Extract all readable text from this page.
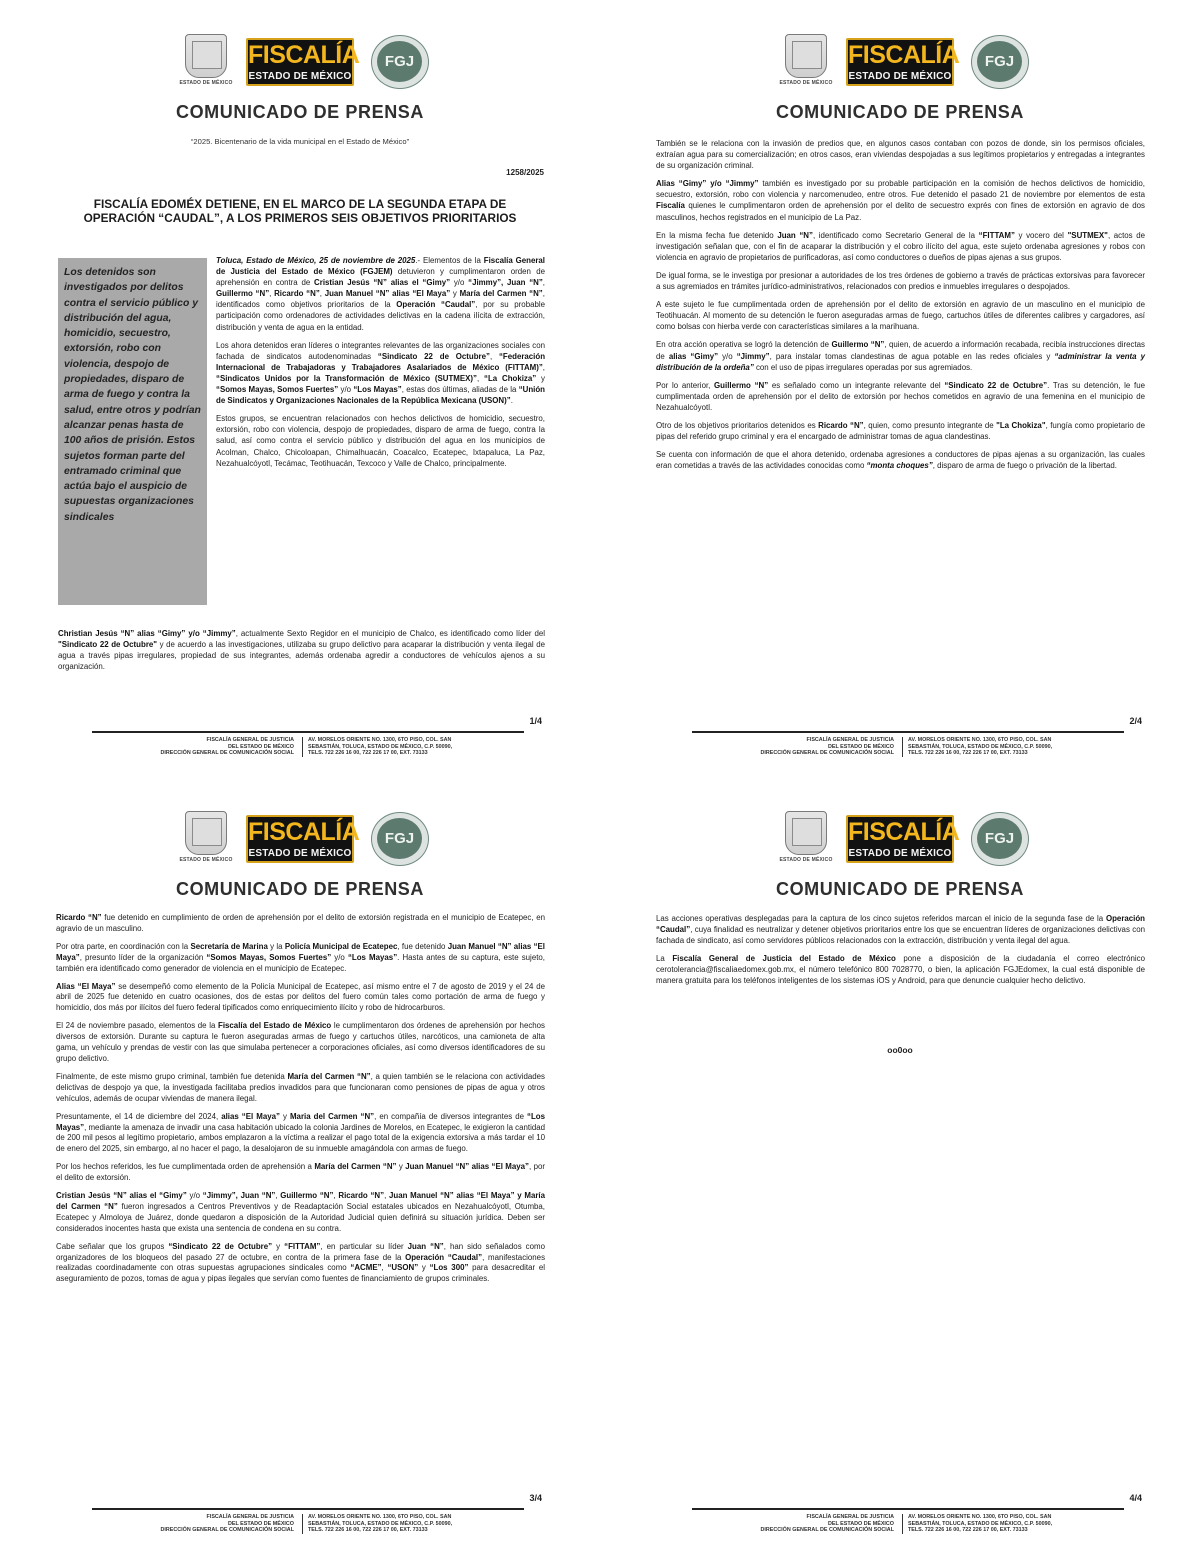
ESTADO DE MÉXICO
FISCALÍA
ESTADO DE MÉXICO
FGJ
COMUNICADO DE PRENSA
“2025. Bicentenario de la vida municipal en el Estado de México”
1258/2025
FISCALÍA EDOMÉX DETIENE, EN EL MARCO DE LA SEGUNDA ETAPA DE OPERACIÓN “CAUDAL”, A LOS PRIMEROS SEIS OBJETIVOS PRIORITARIOS
Los detenidos son investigados por delitos contra el servicio público y distribución del agua, homicidio, secuestro, extorsión, robo con violencia, despojo de propiedades, disparo de arma de fuego y contra la salud, entre otros y podrían alcanzar penas hasta de 100 años de prisión. Estos sujetos forman parte del entramado criminal que actúa bajo el auspicio de supuestas organizaciones sindicales

Toluca, Estado de México, 25 de noviembre de 2025.- Elementos de la Fiscalía General de Justicia del Estado de México (FGJEM) detuvieron y cumplimentaron orden de aprehensión en contra de Cristian Jesús “N” alias el “Gimy” y/o “Jimmy”, Juan “N”, Guillermo “N”, Ricardo “N”, Juan Manuel “N” alias “El Maya” y María del Carmen “N”, identificados como objetivos prioritarios de la Operación “Caudal”, por su probable participación como ordenadores de actividades delictivas en la cadena ilícita de extracción, distribución y venta de agua en la entidad.

Los ahora detenidos eran líderes o integrantes relevantes de las organizaciones sociales con fachada de sindicatos autodenominadas “Sindicato 22 de Octubre”, “Federación Internacional de Trabajadoras y Trabajadores Asalariados de México (FITTAM)”, “Sindicatos Unidos por la Transformación de México (SUTMEX)”, “La Chokiza” y “Somos Mayas, Somos Fuertes” y/o “Los Mayas”, estas dos últimas, aliadas de la “Unión de Sindicatos y Organizaciones Nacionales de la República Mexicana (USON)”.

Estos grupos, se encuentran relacionados con hechos delictivos de homicidio, secuestro, extorsión, robo con violencia, despojo de propiedades, disparo de arma de fuego, contra la salud, así como contra el servicio público y distribución del agua en los municipios de Acolman, Chalco, Chicoloapan, Chimalhuacán, Coacalco, Ecatepec, Ixtapaluca, La Paz, Nezahualcóyotl, Tecámac, Teotihuacán, Texcoco y Valle de Chalco, principalmente.

Christian Jesús “N” alias “Gimy” y/o “Jimmy”, actualmente Sexto Regidor en el municipio de Chalco, es identificado como líder del "Sindicato 22 de Octubre" y de acuerdo a las investigaciones, utilizaba su grupo delictivo para acaparar la distribución y venta ilegal de agua a través pipas irregulares, propiedad de sus integrantes, además ordenaba agredir a conductores de vehículos ajenos a su organización.

1/4
FISCALÍA GENERAL DE JUSTICIA
DEL ESTADO DE MÉXICO
DIRECCIÓN GENERAL DE COMUNICACIÓN SOCIAL
AV. MORELOS ORIENTE NO. 1300, 6TO PISO, COL. SAN
SEBASTIÁN, TOLUCA, ESTADO DE MÉXICO, C.P. 50090,
TELS. 722 226 16 00, 722 226 17 00, EXT. 73133
ESTADO DE MÉXICO
FISCALÍA
ESTADO DE MÉXICO
FGJ
COMUNICADO DE PRENSA

También se le relaciona con la invasión de predios que, en algunos casos contaban con pozos de donde, sin los permisos oficiales, extraían agua para su comercialización; en otros casos, eran viviendas despojadas a sus legítimos propietarios y entregadas a integrantes de su organización criminal.

Alias “Gimy” y/o “Jimmy” también es investigado por su probable participación en la comisión de hechos delictivos de homicidio, secuestro, extorsión, robo con violencia y narcomenudeo, entre otros. Fue detenido el pasado 21 de noviembre por elementos de esta Fiscalía quienes le cumplimentaron orden de aprehensión por el delito de secuestro exprés con fines de extorsión en agravio de dos masculinos, hechos registrados en el municipio de La Paz.

En la misma fecha fue detenido Juan “N”, identificado como Secretario General de la “FITTAM” y vocero del "SUTMEX", actos de investigación señalan que, con el fin de acaparar la distribución y el cobro ilícito del agua, este sujeto ordenaba agresiones y robos con violencia en agravio de propietarios de purificadoras, así como conductores o dueños de pipas ajenas a sus grupos.

De igual forma, se le investiga por presionar a autoridades de los tres órdenes de gobierno a través de prácticas extorsivas para favorecer a sus agremiados en trámites jurídico-administrativos, relacionados con predios e inmuebles irregulares o despojados.

A este sujeto le fue cumplimentada orden de aprehensión por el delito de extorsión en agravio de un masculino en el municipio de Teotihuacán. Al momento de su detención le fueron aseguradas armas de fuego, cartuchos útiles de diferentes calibres y cargadores, así como bolsas con hierba verde con características similares a la marihuana.

En otra acción operativa se logró la detención de Guillermo “N”, quien, de acuerdo a información recabada, recibía instrucciones directas de alias “Gimy” y/o “Jimmy”, para instalar tomas clandestinas de agua potable en las redes oficiales y “administrar la venta y distribución de la ordeña” con el uso de pipas irregulares operadas por sus agremiados.

Por lo anterior, Guillermo “N” es señalado como un integrante relevante del “Sindicato 22 de Octubre”. Tras su detención, le fue cumplimentada orden de aprehensión por el delito de extorsión por hechos cometidos en agravio de una femenina en el municipio de Nezahualcóyotl.

Otro de los objetivos prioritarios detenidos es Ricardo “N”, quien, como presunto integrante de "La Chokiza", fungía como propietario de pipas del referido grupo criminal y era el encargado de administrar tomas de agua clandestinas.

Se cuenta con información de que el ahora detenido, ordenaba agresiones a conductores de pipas ajenas a su organización, las cuales eran cometidas a través de las actividades conocidas como “monta choques”, disparo de arma de fuego o privación de la libertad.

2/4
FISCALÍA GENERAL DE JUSTICIA
DEL ESTADO DE MÉXICO
DIRECCIÓN GENERAL DE COMUNICACIÓN SOCIAL
AV. MORELOS ORIENTE NO. 1300, 6TO PISO, COL. SAN
SEBASTIÁN, TOLUCA, ESTADO DE MÉXICO, C.P. 50090,
TELS. 722 226 16 00, 722 226 17 00, EXT. 73133
ESTADO DE MÉXICO
FISCALÍA
ESTADO DE MÉXICO
FGJ
COMUNICADO DE PRENSA

Ricardo “N” fue detenido en cumplimiento de orden de aprehensión por el delito de extorsión registrada en el municipio de Ecatepec, en agravio de un masculino.

Por otra parte, en coordinación con la Secretaría de Marina y la Policía Municipal de Ecatepec, fue detenido Juan Manuel “N” alias “El Maya”, presunto líder de la organización “Somos Mayas, Somos Fuertes” y/o “Los Mayas”. Hasta antes de su captura, este sujeto, también era identificado como generador de violencia en el municipio de Ecatepec.

Alias “El Maya” se desempeñó como elemento de la Policía Municipal de Ecatepec, así mismo entre el 7 de agosto de 2019 y el 24 de abril de 2025 fue detenido en cuatro ocasiones, dos de estas por delitos del fuero común tales como portación de arma de fuego y homicidio, dos más por ilícitos del fuero federal tipificados como enriquecimiento ilícito y robo de hidrocarburos.

El 24 de noviembre pasado, elementos de la Fiscalía del Estado de México le cumplimentaron dos órdenes de aprehensión por hechos diversos de extorsión. Durante su captura le fueron aseguradas armas de fuego y cartuchos útiles, narcóticos, una camioneta de alta gama, un vehículo y prendas de vestir con las que simulaba pertenecer a corporaciones oficiales, así como diversos identificadores de su grupo delictivo.

Finalmente, de este mismo grupo criminal, también fue detenida María del Carmen “N”, a quien también se le relaciona con actividades delictivas de despojo ya que, la investigada facilitaba predios invadidos para que funcionaran como pensiones de pipas de agua y otros vehículos, además de ocupar viviendas de manera ilegal.

Presuntamente, el 14 de diciembre del 2024, alias “El Maya” y Maria del Carmen “N”, en compañía de diversos integrantes de “Los Mayas”, mediante la amenaza de invadir una casa habitación ubicado la colonia Jardines de Morelos, en Ecatepec, le exigieron la cantidad de 200 mil pesos al legítimo propietario, ambos emplazaron a la víctima a realizar el pago total de la exigencia extorsiva a más tardar el 10 de enero del 2025, sin embargo, al no hacer el pago, la desalojaron de su inmueble amagándola con armas de fuego.

Por los hechos referidos, les fue cumplimentada orden de aprehensión a María del Carmen “N” y Juan Manuel “N” alias “El Maya”, por el delito de extorsión.

Cristian Jesús “N” alias el “Gimy” y/o “Jimmy”, Juan “N”, Guillermo “N”, Ricardo “N”, Juan Manuel “N” alias “El Maya” y María del Carmen “N” fueron ingresados a Centros Preventivos y de Readaptación Social estatales ubicados en Nezahualcóyotl, Otumba, Ecatepec y Almoloya de Juárez, donde quedaron a disposición de la Autoridad Judicial quien definirá su situación jurídica. Deben ser considerados inocentes hasta que exista una sentencia de condena en su contra.

Cabe señalar que los grupos “Sindicato 22 de Octubre” y “FITTAM”, en particular su líder Juan “N”, han sido señalados como organizadores de los bloqueos del pasado 27 de octubre, en contra de la primera fase de la Operación “Caudal”, manifestaciones realizadas coordinadamente con otras supuestas agrupaciones sindicales como “ACME”, “USON” y “Los 300” para desacreditar el aseguramiento de pozos, tomas de agua y pipas ilegales que servían como fuentes de financiamiento de grupos criminales.

3/4
FISCALÍA GENERAL DE JUSTICIA
DEL ESTADO DE MÉXICO
DIRECCIÓN GENERAL DE COMUNICACIÓN SOCIAL
AV. MORELOS ORIENTE NO. 1300, 6TO PISO, COL. SAN
SEBASTIÁN, TOLUCA, ESTADO DE MÉXICO, C.P. 50090,
TELS. 722 226 16 00, 722 226 17 00, EXT. 73133
ESTADO DE MÉXICO
FISCALÍA
ESTADO DE MÉXICO
FGJ
COMUNICADO DE PRENSA

Las acciones operativas desplegadas para la captura de los cinco sujetos referidos marcan el inicio de la segunda fase de la Operación “Caudal”, cuya finalidad es neutralizar y detener objetivos prioritarios entre los que se encuentran líderes de organizaciones delictivas con fachada de sindicato, así como servidores públicos relacionados con la extracción, distribución y venta ilegal del agua.

La Fiscalía General de Justicia del Estado de México pone a disposición de la ciudadanía el correo electrónico cerotolerancia@fiscaliaedomex.gob.mx, el número telefónico 800 7028770, o bien, la aplicación FGJEdomex, la cual está disponible de manera gratuita para los teléfonos inteligentes de los sistemas iOS y Android, para que denuncie cualquier hecho delictivo.

4/4
FISCALÍA GENERAL DE JUSTICIA
DEL ESTADO DE MÉXICO
DIRECCIÓN GENERAL DE COMUNICACIÓN SOCIAL
AV. MORELOS ORIENTE NO. 1300, 6TO PISO, COL. SAN
SEBASTIÁN, TOLUCA, ESTADO DE MÉXICO, C.P. 50090,
TELS. 722 226 16 00, 722 226 17 00, EXT. 73133
oo0oo
